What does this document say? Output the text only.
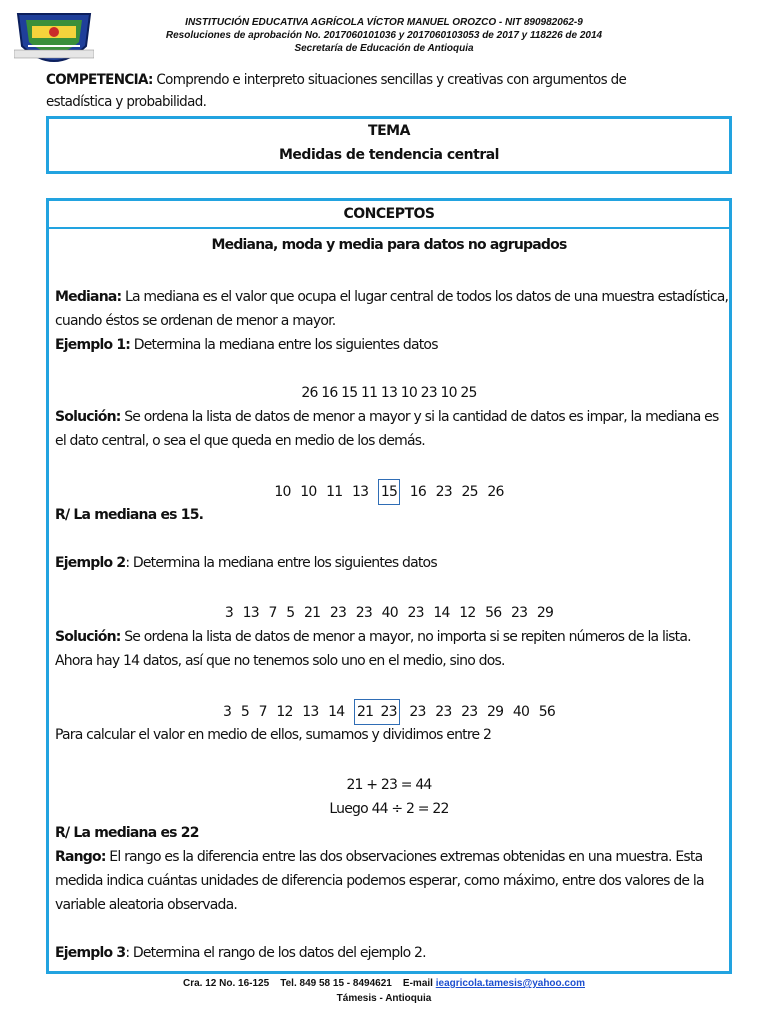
INSTITUCIÓN EDUCATIVA AGRÍCOLA VÍCTOR MANUEL OROZCO - NIT 890982062-9
Resoluciones de aprobación No. 2017060101036 y 2017060103053 de 2017 y 118226 de 2014
Secretaría de Educación de Antioquia
COMPETENCIA: Comprendo e interpreto situaciones sencillas y creativas con argumentos de estadística y probabilidad.
TEMA
Medidas de tendencia central
CONCEPTOS
Mediana, moda y media para datos no agrupados
Mediana: La mediana es el valor que ocupa el lugar central de todos los datos de una muestra estadística,
cuando éstos se ordenan de menor a mayor.
Ejemplo 1: Determina la mediana entre los siguientes datos
26 16 15 11 13 10 23 10 25
Solución: Se ordena la lista de datos de menor a mayor y si la cantidad de datos es impar, la mediana es
el dato central, o sea el que queda en medio de los demás.
10 10 11 13 15 16 23 25 26
R/ La mediana es 15.
Ejemplo 2: Determina la mediana entre los siguientes datos
3 13 7 5 21 23 23 40 23 14 12 56 23 29
Solución: Se ordena la lista de datos de menor a mayor, no importa si se repiten números de la lista.
Ahora hay 14 datos, así que no tenemos solo uno en el medio, sino dos.
3 5 7 12 13 14 21  23 23 23 23 29 40 56
Para calcular el valor en medio de ellos, sumamos y dividimos entre 2
21 + 23 = 44
Luego 44 ÷ 2 = 22
R/ La mediana es 22
Rango: El rango es la diferencia entre las dos observaciones extremas obtenidas en una muestra. Esta
medida indica cuántas unidades de diferencia podemos esperar, como máximo, entre dos valores de la
variable aleatoria observada.
Ejemplo 3: Determina el rango de los datos del ejemplo 2.
Cra. 12 No. 16-125    Tel. 849 58 15 - 8494621    E-mail ieagricola.tamesis@yahoo.com
Támesis - Antioquia
